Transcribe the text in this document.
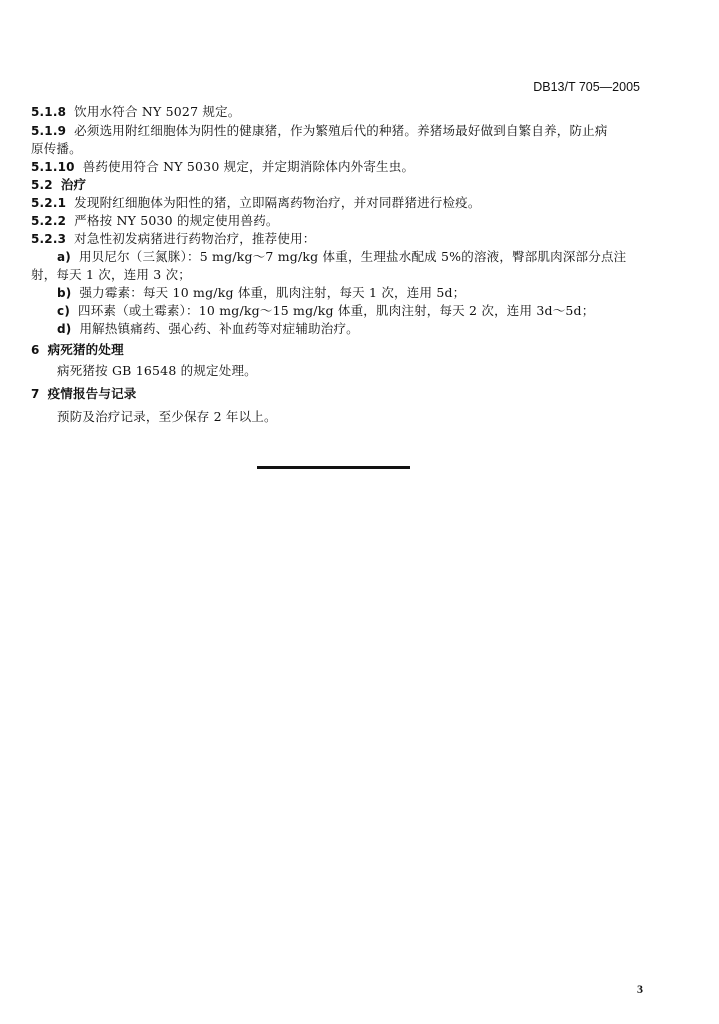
DB13/T 705—2005
5.1.8 饮用水符合 NY 5027 规定。
5.1.9 必须选用附红细胞体为阴性的健康猪，作为繁殖后代的种猪。养猪场最好做到自繁自养，防止病
原传播。
5.1.10 兽药使用符合 NY 5030 规定，并定期消除体内外寄生虫。
5.2 治疗
5.2.1 发现附红细胞体为阳性的猪，立即隔离药物治疗，并对同群猪进行检疫。
5.2.2 严格按 NY 5030 的规定使用兽药。
5.2.3 对急性初发病猪进行药物治疗，推荐使用：
a) 用贝尼尔（三氮脒）：5 mg/kg～7 mg/kg 体重，生理盐水配成 5%的溶液，臀部肌肉深部分点注
射，每天 1 次，连用 3 次；
b) 强力霉素：每天 10 mg/kg 体重，肌肉注射，每天 1 次，连用 5d；
c) 四环素（或土霉素）：10 mg/kg～15 mg/kg 体重，肌肉注射，每天 2 次，连用 3d～5d；
d) 用解热镇痛药、强心药、补血药等对症辅助治疗。
6 病死猪的处理
病死猪按 GB 16548 的规定处理。
7 疫情报告与记录
预防及治疗记录，至少保存 2 年以上。
3
